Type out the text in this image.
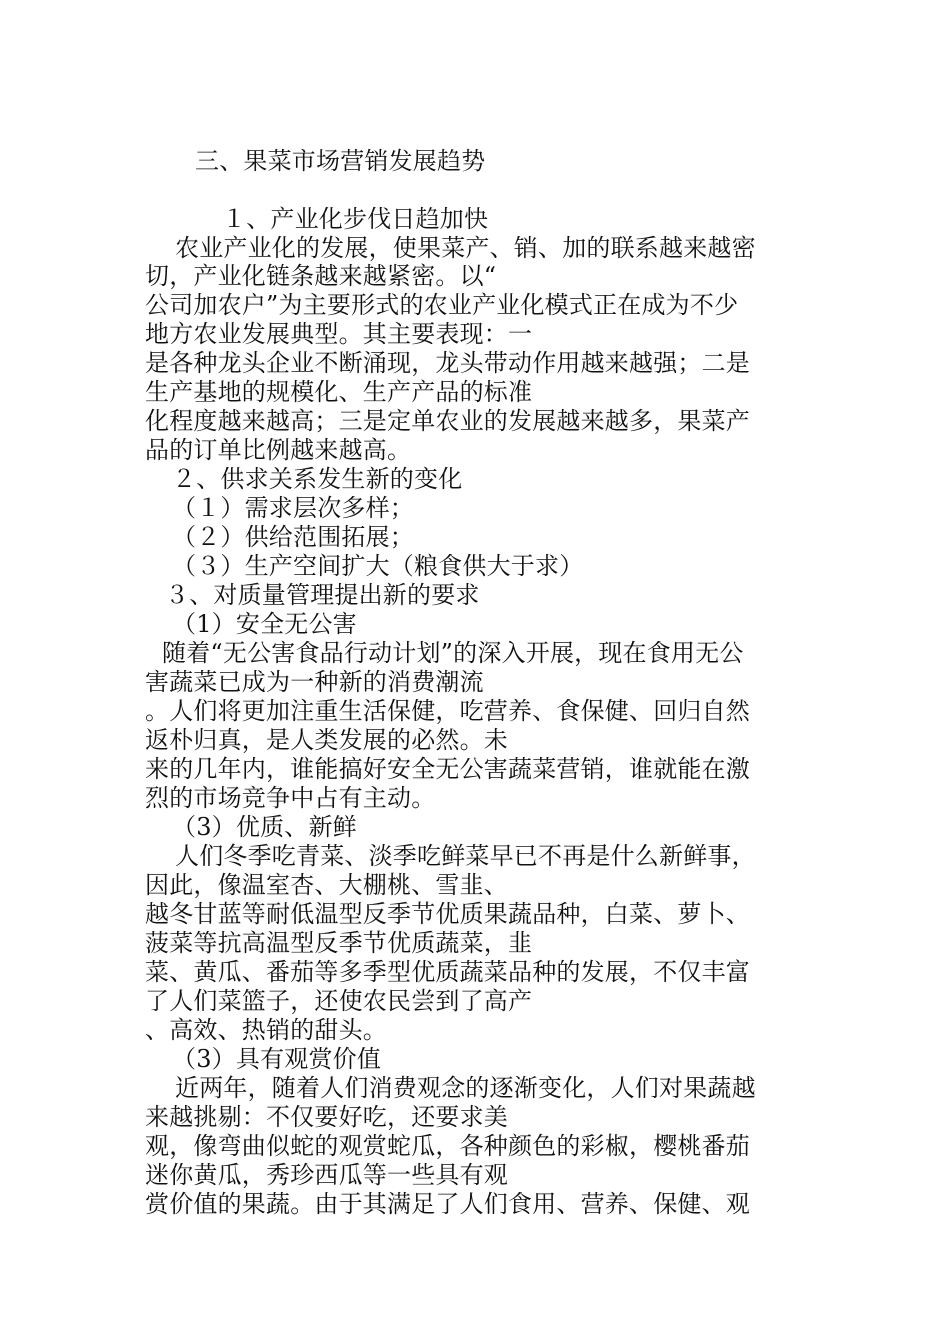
三、果菜市场营销发展趋势
１、产业化步伐日趋加快
农业产业化的发展，使果菜产、销、加的联系越来越密
切，产业化链条越来越紧密。以“
公司加农户”为主要形式的农业产业化模式正在成为不少
地方农业发展典型。其主要表现：一
是各种龙头企业不断涌现，龙头带动作用越来越强；二是
生产基地的规模化、生产产品的标准
化程度越来越高；三是定单农业的发展越来越多，果菜产
品的订单比例越来越高。
２、供求关系发生新的变化
（１）需求层次多样；
（２）供给范围拓展；
（３）生产空间扩大（粮食供大于求）
３、对质量管理提出新的要求
（1）安全无公害
随着“无公害食品行动计划”的深入开展，现在食用无公
害蔬菜已成为一种新的消费潮流
。人们将更加注重生活保健，吃营养、食保健、回归自然
返朴归真，是人类发展的必然。未
来的几年内，谁能搞好安全无公害蔬菜营销，谁就能在激
烈的市场竞争中占有主动。
（3）优质、新鲜
人们冬季吃青菜、淡季吃鲜菜早已不再是什么新鲜事，
因此，像温室杏、大棚桃、雪韭、
越冬甘蓝等耐低温型反季节优质果蔬品种，白菜、萝卜、
菠菜等抗高温型反季节优质蔬菜，韭
菜、黄瓜、番茄等多季型优质蔬菜品种的发展，不仅丰富
了人们菜篮子，还使农民尝到了高产
、高效、热销的甜头。
（3）具有观赏价值
近两年，随着人们消费观念的逐渐变化，人们对果蔬越
来越挑剔：不仅要好吃，还要求美
观，像弯曲似蛇的观赏蛇瓜，各种颜色的彩椒，樱桃番茄
迷你黄瓜，秀珍西瓜等一些具有观
赏价值的果蔬。由于其满足了人们食用、营养、保健、观
